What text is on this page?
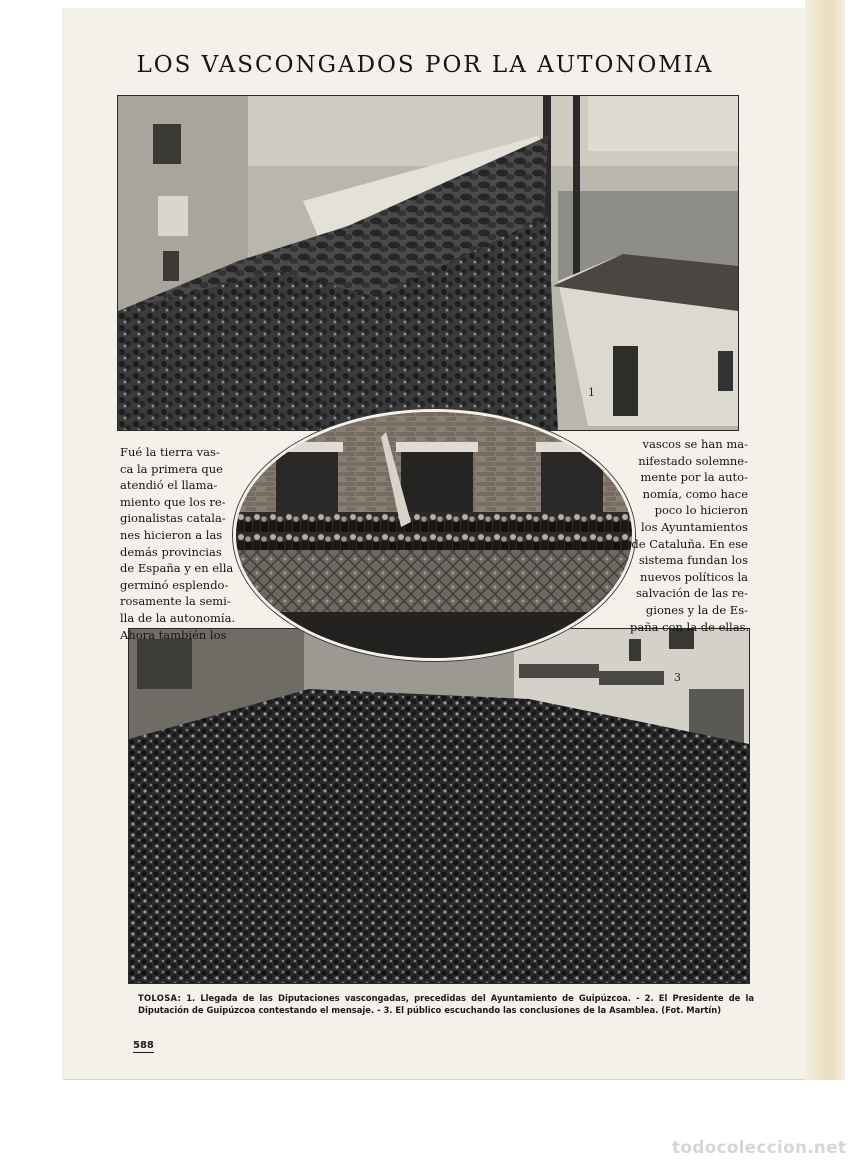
LOS VASCONGADOS POR LA AUTONOMIA
1
3
2

Fué la tierra vas-
ca la primera que
atendió el llama-
miento que los re-
gionalistas catala-
nes hicieron a las
demás provincias
de España y en ella
germinó esplendo-
rosamente la semi-
lla de la autonomía.
Ahora también los

vascos se han ma-
nifestado solemne-
mente por la auto-
nomía, como hace
poco lo hicieron
los Ayuntamientos
de Cataluña. En ese
sistema fundan los
nuevos políticos la
salvación de las re-
giones y la de Es-
paña con la de ellas.

TOLOSA: 1. Llegada de las Diputaciones vascongadas, precedidas del Ayuntamiento de Guipúzcoa. - 2. El Presidente de la Diputación de Guipúzcoa contestando el mensaje. - 3. El público escuchando las conclusiones de la Asamblea. (Fot. Martín)

588

todocoleccion.net
